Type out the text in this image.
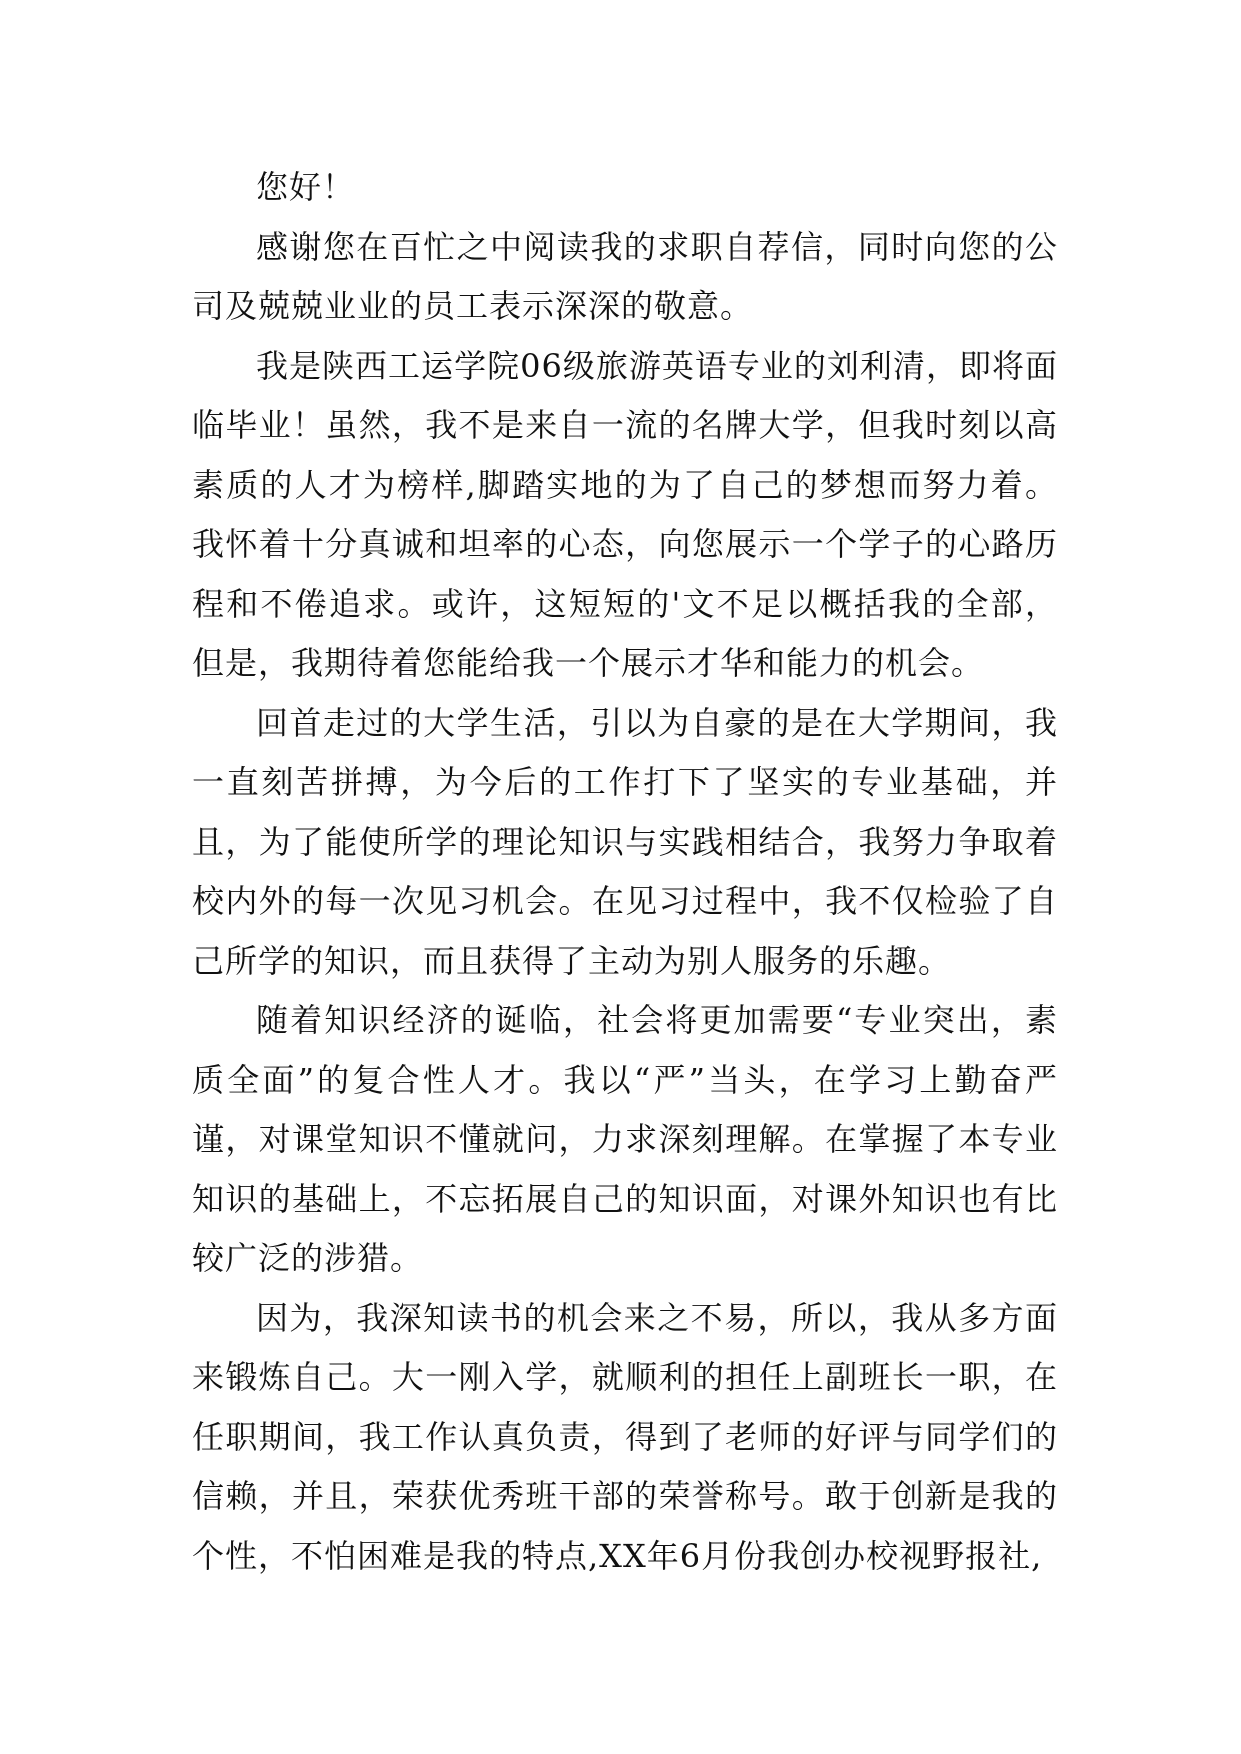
您好！

感谢您在百忙之中阅读我的求职自荐信，同时向您的公司及兢兢业业的员工表示深深的敬意。

我是陕西工运学院06级旅游英语专业的刘利清，即将面临毕业！虽然，我不是来自一流的名牌大学，但我时刻以高素质的人才为榜样,脚踏实地的为了自己的梦想而努力着。我怀着十分真诚和坦率的心态，向您展示一个学子的心路历程和不倦追求。或许，这短短的'文不足以概括我的全部，但是，我期待着您能给我一个展示才华和能力的机会。

回首走过的大学生活，引以为自豪的是在大学期间，我一直刻苦拼搏，为今后的工作打下了坚实的专业基础，并且，为了能使所学的理论知识与实践相结合，我努力争取着校内外的每一次见习机会。在见习过程中，我不仅检验了自己所学的知识，而且获得了主动为别人服务的乐趣。

随着知识经济的诞临，社会将更加需要“专业突出，素质全面”的复合性人才。我以“严”当头，在学习上勤奋严谨，对课堂知识不懂就问，力求深刻理解。在掌握了本专业知识的基础上，不忘拓展自己的知识面，对课外知识也有比较广泛的涉猎。

因为，我深知读书的机会来之不易，所以，我从多方面来锻炼自己。大一刚入学，就顺利的担任上副班长一职，在任职期间，我工作认真负责，得到了老师的好评与同学们的信赖，并且，荣获优秀班干部的荣誉称号。敢于创新是我的个性，不怕困难是我的特点,XX年6月份我创办校视野报社,
